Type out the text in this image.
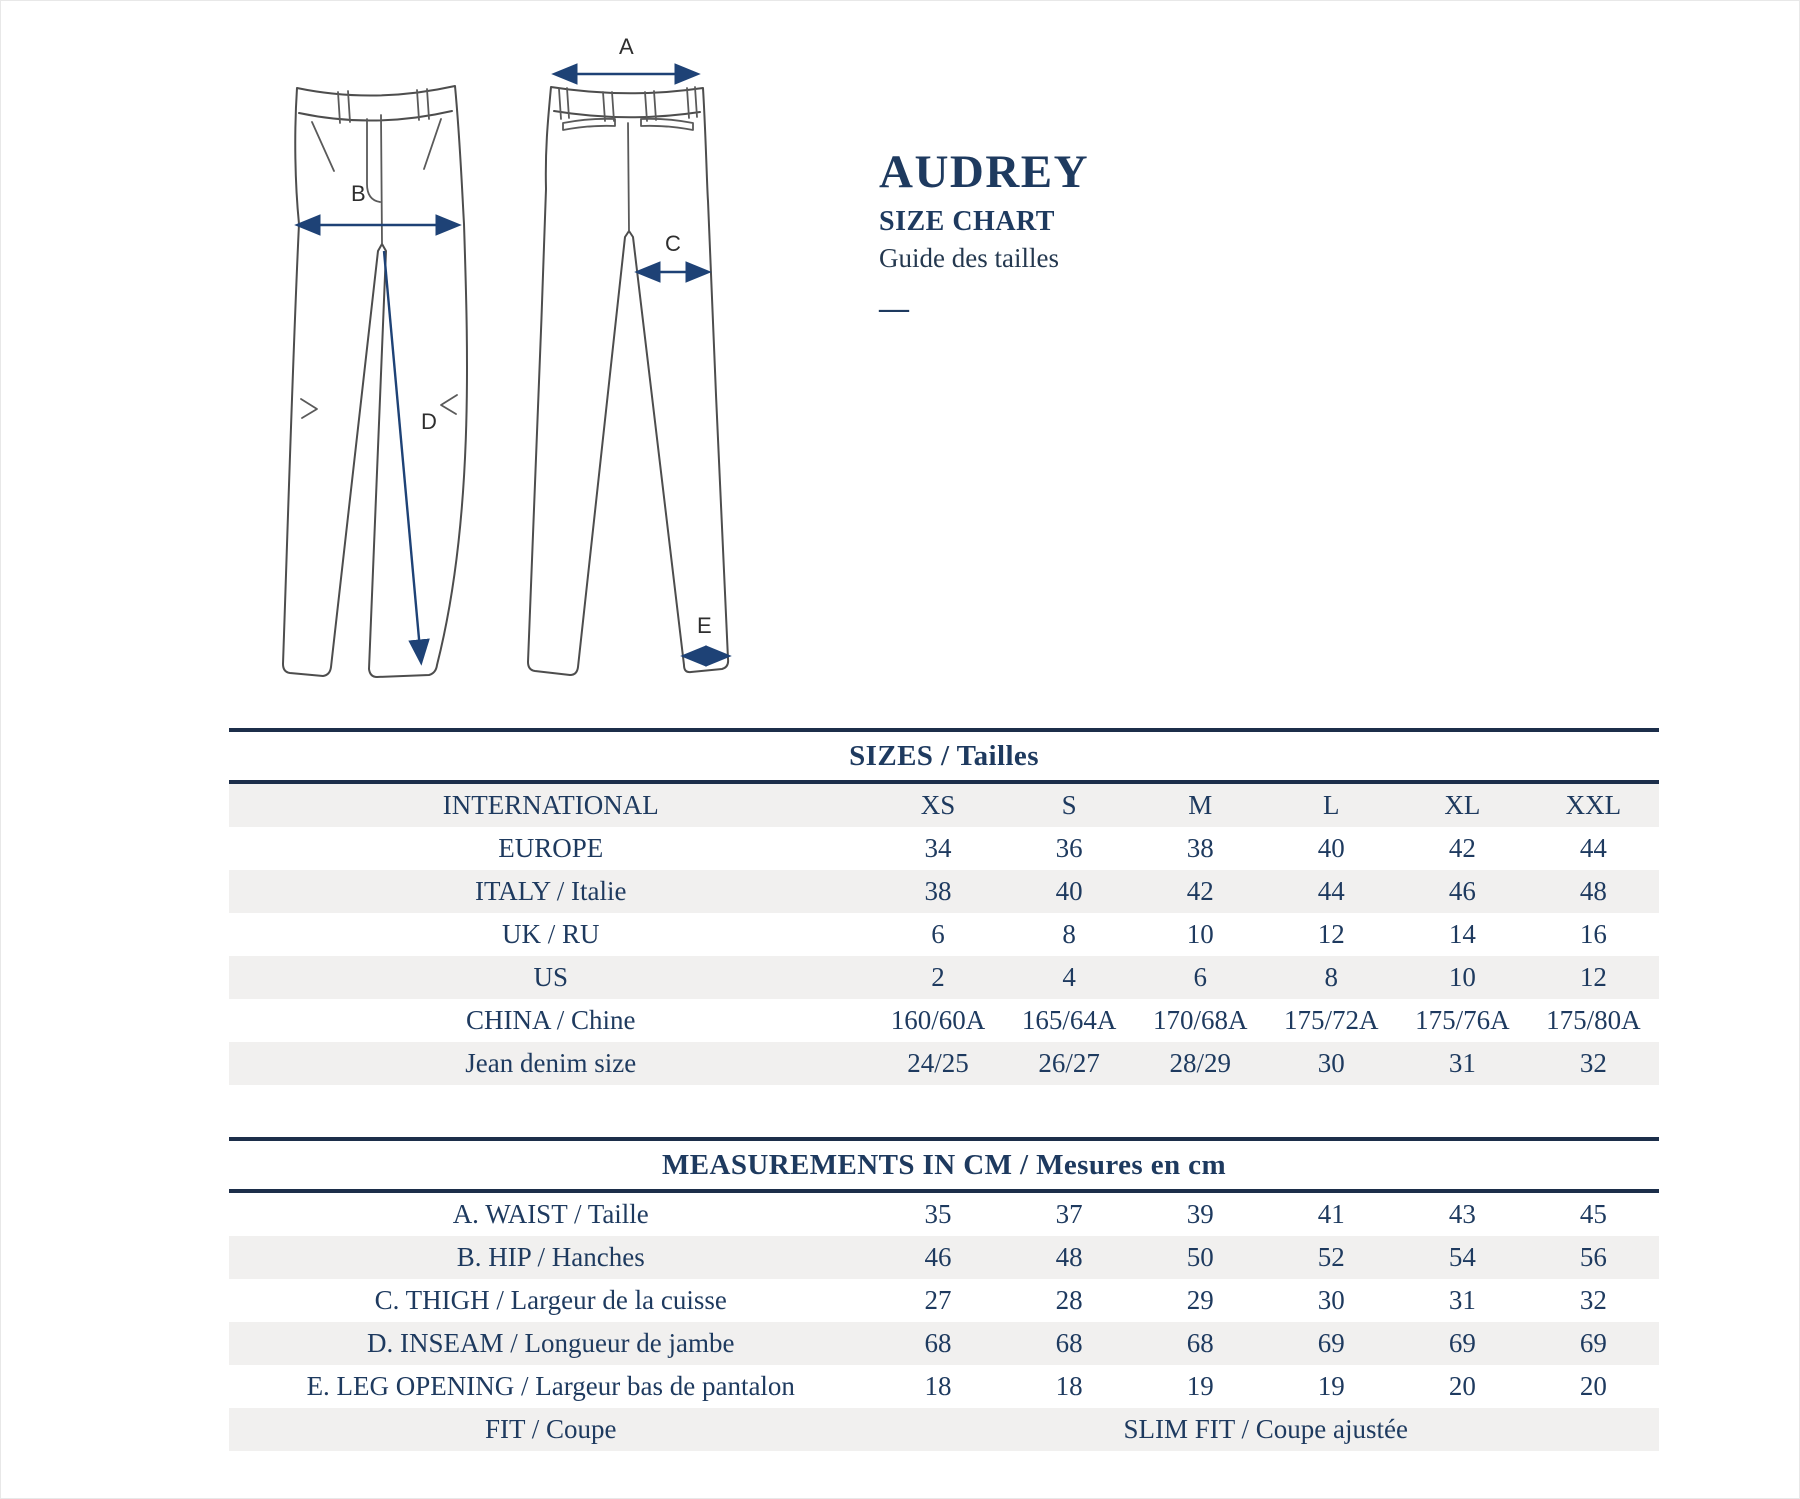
B
D
A
C
E
AUDREY
SIZE CHART
Guide des tailles
—
SIZES / Tailles
INTERNATIONAL	XS	S	M	L	XL	XXL
EUROPE	34	36	38	40	42	44
ITALY / Italie	38	40	42	44	46	48
UK / RU	6	8	10	12	14	16
US	2	4	6	8	10	12
CHINA / Chine	160/60A	165/64A	170/68A	175/72A	175/76A	175/80A
Jean denim size	24/25	26/27	28/29	30	31	32
MEASUREMENTS IN CM / Mesures en cm
A. WAIST / Taille	35	37	39	41	43	45
B. HIP / Hanches	46	48	50	52	54	56
C. THIGH / Largeur de la cuisse	27	28	29	30	31	32
D. INSEAM / Longueur de jambe	68	68	68	69	69	69
E. LEG OPENING / Largeur bas de pantalon	18	18	19	19	20	20
FIT / Coupe	SLIM FIT / Coupe ajustée
